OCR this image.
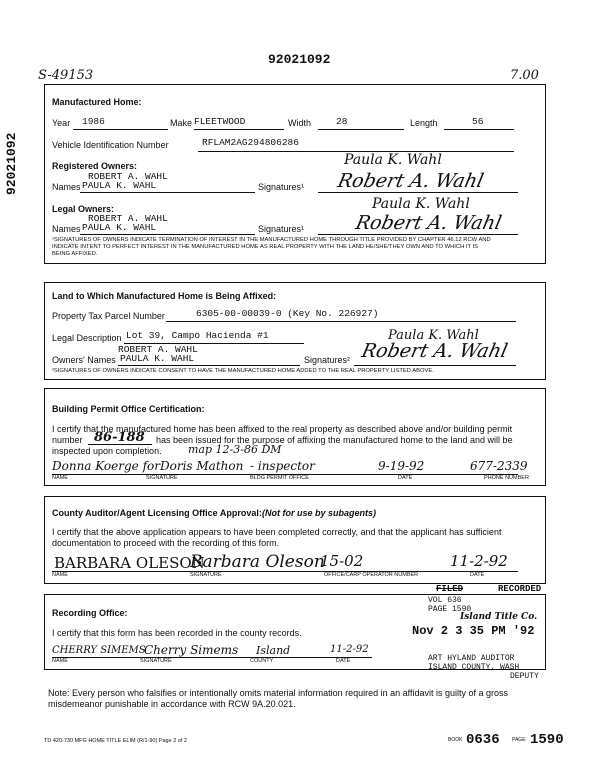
92021092
92021092
S-49153	7.00
Manufactured Home:
Year 1986	Make FLEETWOOD	Width	28	Length	56
Vehicle Identification Number	RFLAM2AG294806286
Registered Owners:
ROBERT A. WAHL
Names PAULA K. WAHL	Signatures¹
Paula K. Wahl
Robert A. Wahl
Legal Owners:
ROBERT A. WAHL
Names PAULA K. WAHL	Signatures¹
Paula K. Wahl
Robert A. Wahl
¹SIGNATURES OF OWNERS INDICATE TERMINATION OF INTEREST IN THE MANUFACTURED HOME THROUGH TITLE PROVIDED BY CHAPTER 46.12 RCW AND
INDICATE INTENT TO PERFECT INTEREST IN THE MANUFACTURED HOME AS REAL PROPERTY WITH THE LAND HE/SHE/THEY OWN AND TO WHICH IT IS
BEING AFFIXED.
Land to Which Manufactured Home is Being Affixed:
Property Tax Parcel Number	6305-00-00039-0 (Key No. 226927)
Legal Description Lot 39, Campo Hacienda #1
ROBERT A. WAHL
Owners' Names PAULA K. WAHL	Signatures²
Paula K. Wahl
Robert A. Wahl
²SIGNATURES OF OWNERS INDICATE CONSENT TO HAVE THE MANUFACTURED HOME ADDED TO THE REAL PROPERTY LISTED ABOVE.
Building Permit Office Certification:
I certify that the manufactured home has been affixed to the real property as described above and/or building permit
number 86-188 has been issued for the purpose of affixing the manufactured home to the land and will be
inspected upon completion. map 12-3-86 DM
Donna Koerge for Doris Mathon - inspector	9-19-92	677-2339
NAME	SIGNATURE	BLDG PERMIT OFFICE	DATE	PHONE NUMBER
County Auditor/Agent Licensing Office Approval: (Not for use by subagents)
I certify that the above application appears to have been completed correctly, and that the applicant has sufficient
documentation to proceed with the recording of this form.
BARBARA OLESON
Barbara Oleson
15-02	11-2-92
NAME	SIGNATURE	OFFICE/CARP OPERATOR NUMBER	DATE
Recording Office:
I certify that this form has been recorded in the county records.
CHERRY SIMEMS
Cherry Simems Island	11-2-92
NAME	SIGNATURE	COUNTY	DATE
FILED	RECORDED
VOL 636
PAGE 1590
Island Title Co.
Nov 2 3 35 PM '92
ART HYLAND AUDITOR
ISLAND COUNTY, WASH
DEPUTY
Note: Every person who falsifies or intentionally omits material information required in an affidavit is guilty of a gross
misdemeanor punishable in accordance with RCW 9A.20.021.
TD 420-730 MFG HOME TITLE ELIM (R/1-90) Page 2 of 2	BOOK 0636 PAGE 1590
